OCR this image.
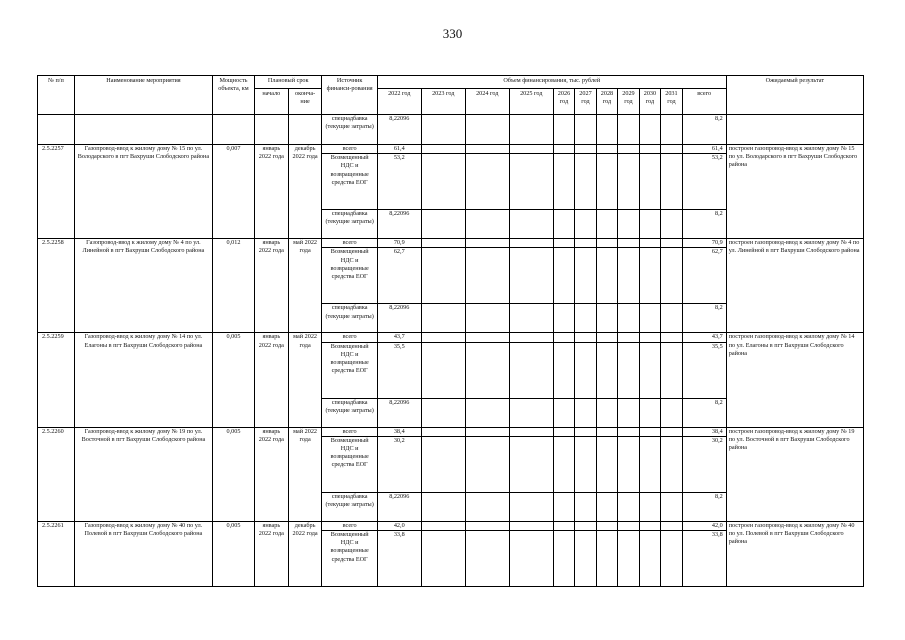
330
№ п/п	Наименование мероприятия	Мощность объекта, км	Плановый срок		Источник финанси-рования	Объем финансирования, тыс. рублей											Ожидаемый результат
			начало	оконча-ние		2022 год	2023 год	2024 год	2025 год	2026 год	2027 год	2028 год	2029 год	2030 год	2031 год	всего	
					спецнадбавка (текущие затраты)	8,22096										8,2	
2.5.2257	Газопровод-ввод к жилому дому № 15 по ул. Володарского в пгт Вахруши Слободского района	0,007	январь 2022 года	декабрь 2022 года	всего	61,4										61,4	построен газопровод-ввод к жилому дому № 15 по ул. Володарского в пгт Вахруши Слободского района
					Возмещенный НДС и возвращенные средства ЕОГ	53,2										53,2	
					спецнадбавка (текущие затраты)	8,22096										8,2	
2.5.2258	Газопровод-ввод к жилому дому № 4 по ул. Линейной в пгт Вахруши Слободского района	0,012	январь 2022 года	май 2022 года	всего	70,9										70,9	построен газопровод-ввод к жилому дому № 4 по ул. Линейной в пгт Вахруши Слободского района
					Возмещенный НДС и возвращенные средства ЕОГ	62,7										62,7	
					спецнадбавка (текущие затраты)	8,22096										8,2	
2.5.2259	Газопровод-ввод к жилому дому № 14 по ул. Елагоны в пгт Вахруши Слободского района	0,005	январь 2022 года	май 2022 года	всего	43,7										43,7	построен газопровод-ввод к жилому дому № 14 по ул. Елагоны в пгт Вахруши Слободского района
					Возмещенный НДС и возвращенные средства ЕОГ	35,5										35,5	
					спецнадбавка (текущие затраты)	8,22096										8,2	
2.5.2260	Газопровод-ввод к жилому дому № 19 по ул. Восточной в пгт Вахруши Слободского района	0,005	январь 2022 года	май 2022 года	всего	38,4										38,4	построен газопровод-ввод к жилому дому № 19 по ул. Восточной в пгт Вахруши Слободского района
					Возмещенный НДС и возвращенные средства ЕОГ	30,2										30,2	
					спецнадбавка (текущие затраты)	8,22096										8,2	
2.5.2261	Газопровод-ввод к жилому дому № 40 по ул. Полевой в пгт Вахруши Слободского района	0,005	январь 2022 года	декабрь 2022 года	всего	42,0										42,0	построен газопровод-ввод к жилому дому № 40 по ул. Полевой в пгт Вахруши Слободского района
					Возмещенный НДС и возвращенные средства ЕОГ	33,8										33,8	
